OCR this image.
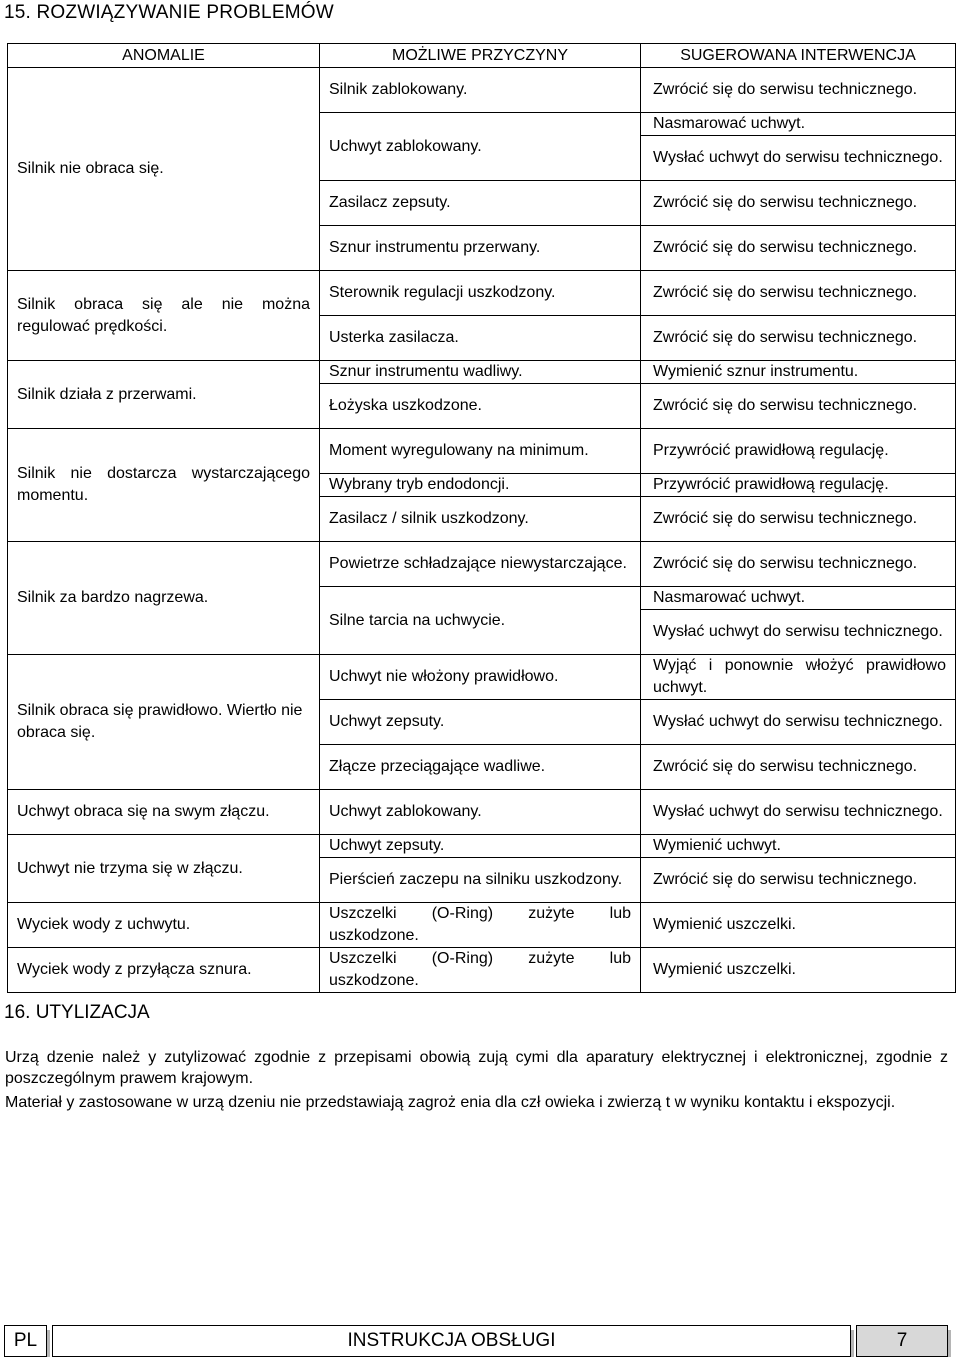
15. ROZWIĄZYWANIE PROBLEMÓW
ANOMALIE	MOŻLIWE PRZYCZYNY	SUGEROWANA INTERWENCJA
Silnik nie obraca się.	Silnik zablokowany.	Zwrócić się do serwisu technicznego.
	Uchwyt zablokowany.	Nasmarować uchwyt.
		Wysłać uchwyt do serwisu technicznego.
	Zasilacz zepsuty.	Zwrócić się do serwisu technicznego.
	Sznur instrumentu przerwany.	Zwrócić się do serwisu technicznego.
Silnik obraca się ale nie można regulować prędkości.	Sterownik regulacji uszkodzony.	Zwrócić się do serwisu technicznego.
	Usterka zasilacza.	Zwrócić się do serwisu technicznego.
Silnik działa z przerwami.	Sznur instrumentu wadliwy.	Wymienić sznur instrumentu.
	Łożyska uszkodzone.	Zwrócić się do serwisu technicznego.
Silnik nie dostarcza wystarczającego momentu.	Moment wyregulowany na minimum.	Przywrócić prawidłową regulację.
	Wybrany tryb endodoncji.	Przywrócić prawidłową regulację.
	Zasilacz / silnik uszkodzony.	Zwrócić się do serwisu technicznego.
Silnik za bardzo nagrzewa.	Powietrze schładzające niewystarczające.	Zwrócić się do serwisu technicznego.
	Silne tarcia na uchwycie.	Nasmarować uchwyt.
		Wysłać uchwyt do serwisu technicznego.
Silnik obraca się prawidłowo. Wiertło nie obraca się.	Uchwyt nie włożony prawidłowo.	Wyjąć i ponownie włożyć prawidłowo uchwyt.
	Uchwyt zepsuty.	Wysłać uchwyt do serwisu technicznego.
	Złącze przeciągające wadliwe.	Zwrócić się do serwisu technicznego.
Uchwyt obraca się na swym złączu.	Uchwyt zablokowany.	Wysłać uchwyt do serwisu technicznego.
Uchwyt nie trzyma się w złączu.	Uchwyt zepsuty.	Wymienić uchwyt.
	Pierścień zaczepu na silniku uszkodzony.	Zwrócić się do serwisu technicznego.
Wyciek wody z uchwytu.	Uszczelki (O-Ring) zużyte lub uszkodzone.	Wymienić uszczelki.
Wyciek wody z przyłącza sznura.	Uszczelki (O-Ring) zużyte lub uszkodzone.	Wymienić uszczelki.
16. UTYLIZACJA
Urzą dzenie należ y zutylizować zgodnie z przepisami obowią zują cymi dla aparatury elektrycznej i elektronicznej, zgodnie z poszczególnym prawem krajowym.
Materiał y zastosowane w urzą dzeniu nie przedstawiają zagroż enia dla czł owieka i zwierzą t w wyniku kontaktu i ekspozycji.
PL	INSTRUKCJA OBSŁUGI	7
